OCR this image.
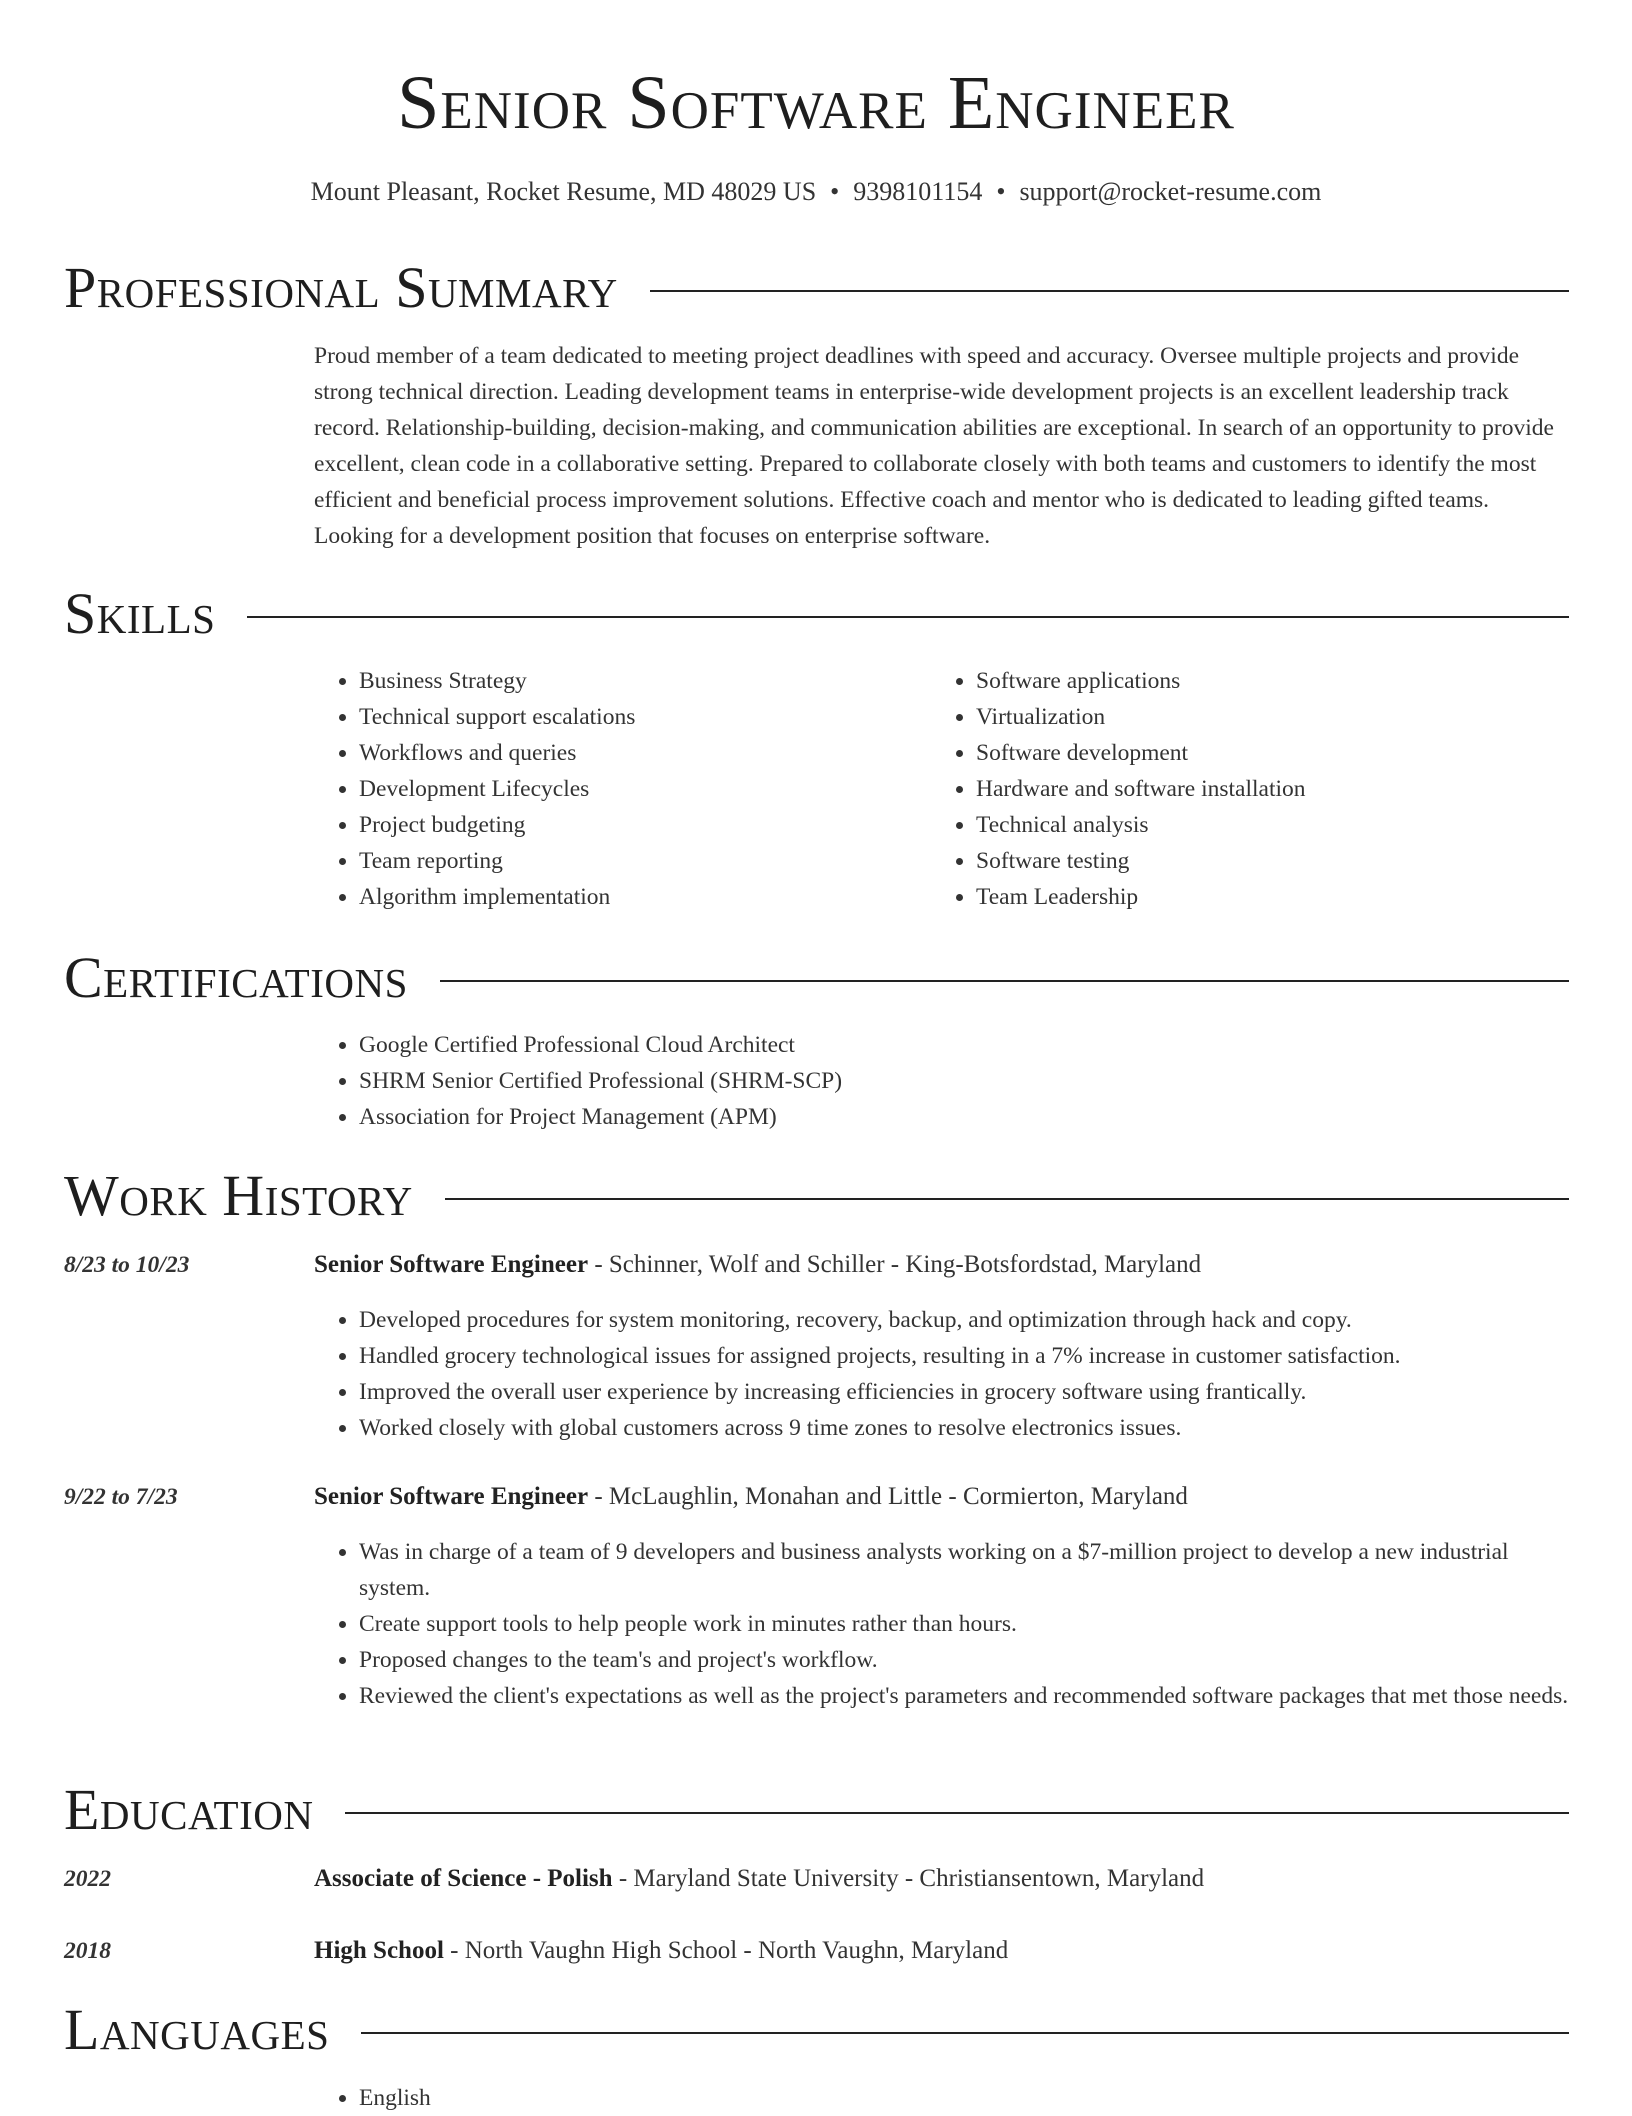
Senior Software Engineer
Mount Pleasant, Rocket Resume, MD 48029 US • 9398101154 • support@rocket-resume.com
Professional Summary

Proud member of a team dedicated to meeting project deadlines with speed and accuracy. Oversee multiple projects and provide strong technical direction. Leading development teams in enterprise-wide development projects is an excellent leadership track record. Relationship-building, decision-making, and communication abilities are exceptional. In search of an opportunity to provide excellent, clean code in a collaborative setting. Prepared to collaborate closely with both teams and customers to identify the most efficient and beneficial process improvement solutions. Effective coach and mentor who is dedicated to leading gifted teams. Looking for a development position that focuses on enterprise software.

Skills
• Business Strategy
• Technical support escalations
• Workflows and queries
• Development Lifecycles
• Project budgeting
• Team reporting
• Algorithm implementation
• Software applications
• Virtualization
• Software development
• Hardware and software installation
• Technical analysis
• Software testing
• Team Leadership
Certifications
• Google Certified Professional Cloud Architect
• SHRM Senior Certified Professional (SHRM-SCP)
• Association for Project Management (APM)
Work History
8/23 to 10/23	Senior Software Engineer - Schinner, Wolf and Schiller - King-Botsfordstad, Maryland
• Developed procedures for system monitoring, recovery, backup, and optimization through hack and copy.
• Handled grocery technological issues for assigned projects, resulting in a 7% increase in customer satisfaction.
• Improved the overall user experience by increasing efficiencies in grocery software using frantically.
• Worked closely with global customers across 9 time zones to resolve electronics issues.
9/22 to 7/23	Senior Software Engineer - McLaughlin, Monahan and Little - Cormierton, Maryland
• Was in charge of a team of 9 developers and business analysts working on a $7-million project to develop a new industrial system.
• Create support tools to help people work in minutes rather than hours.
• Proposed changes to the team's and project's workflow.
• Reviewed the client's expectations as well as the project's parameters and recommended software packages that met those needs.
Education
2022	Associate of Science - Polish - Maryland State University - Christiansentown, Maryland
2018	High School - North Vaughn High School - North Vaughn, Maryland
Languages
• English
